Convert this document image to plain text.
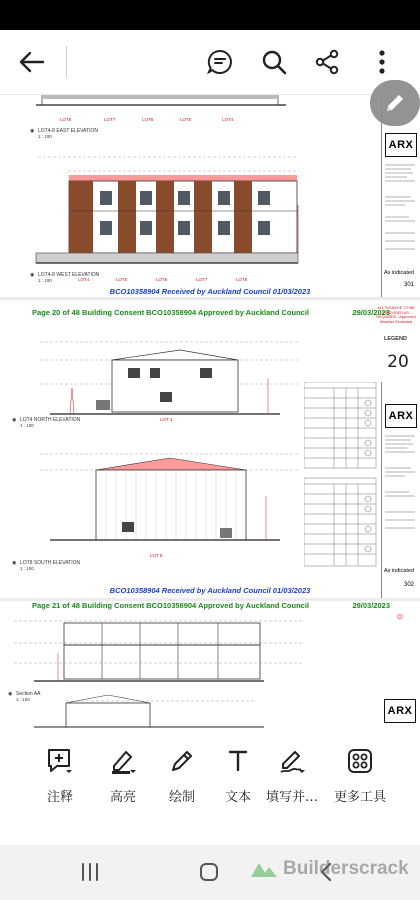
LOT8	LOT7	LOT6	LOT5	LOT4
◉ LOT4-8 EAST ELEVATION
1 : 100
LOT4	LOT5	LOT6	LOT7	LOT8
◉ LOT4-8 WEST ELEVATION
1 : 100
BCO10358904 Received by Auckland Council 01/03/2023
ARX
As indicated
301
Page 20 of 48 Building Consent BCO10358904 Approved by Auckland Council	29/03/2023
ALL SIGNAGE TO BE PROVIDED AS REQUIRED / Approved Weather Restricted
LEGEND
LOT 4
◉ LOT4 NORTH ELEVATION
1 : 100
LOT 8
◉ LOT8 SOUTH ELEVATION
1 : 100
BCO10358904 Received by Auckland Council 01/03/2023
ARX
As indicated
302
Page 21 of 48 Building Consent BCO10358904 Approved by Auckland Council	29/03/2023
❁
◉ Section AA
1 : 100
ARX
20
注释	高亮	绘制	文本	填写并… 更多工具
Builderscrack
